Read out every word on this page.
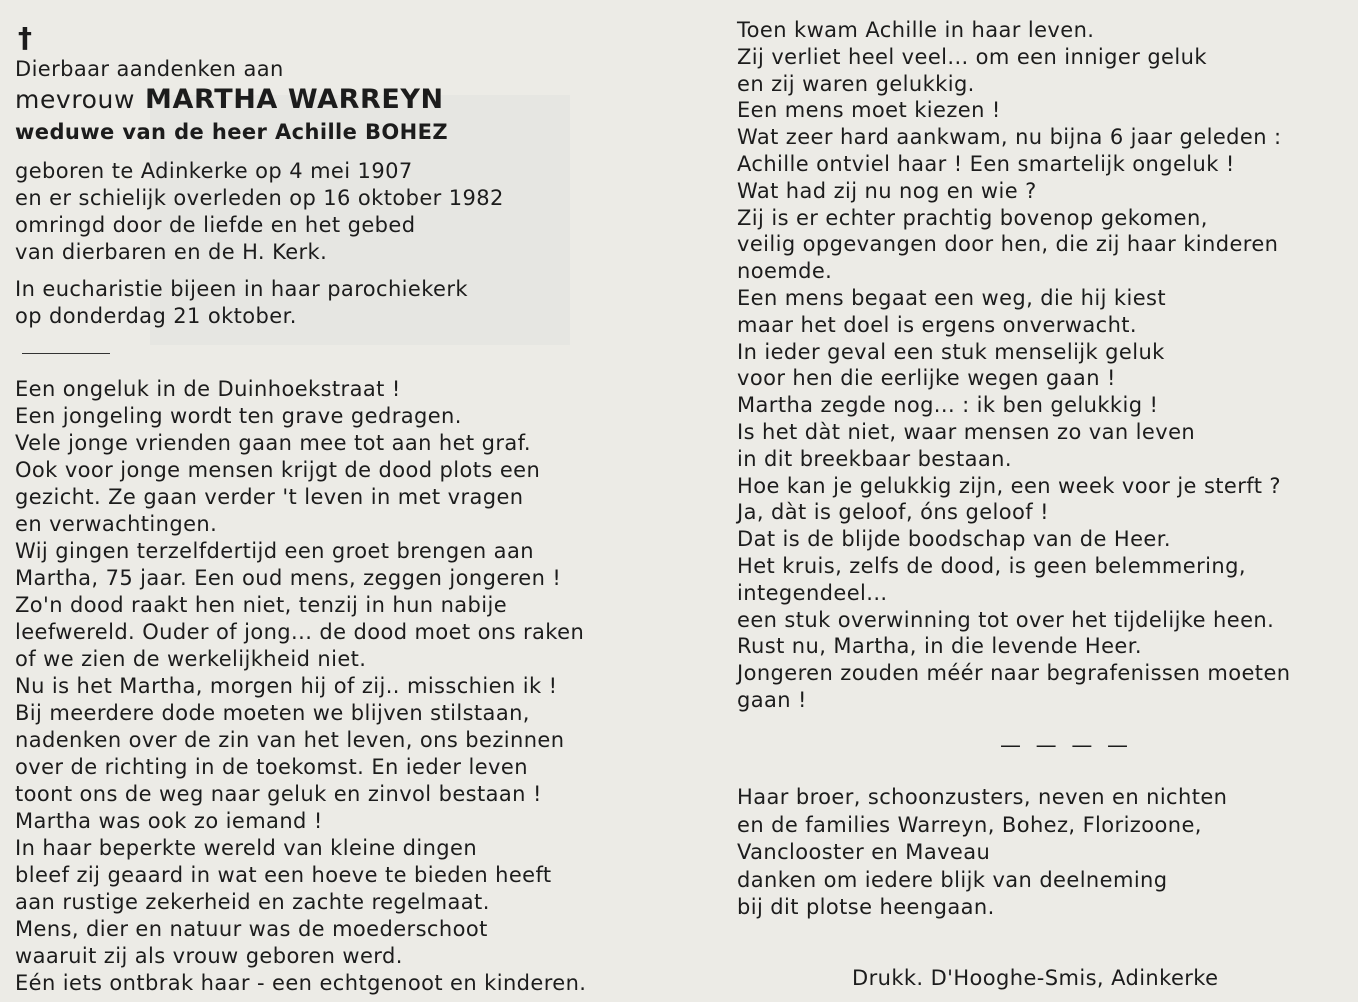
†
Dierbaar aandenken aan
mevrouw MARTHA WARREYN
weduwe van de heer Achille BOHEZ
geboren te Adinkerke op 4 mei 1907
en er schielijk overleden op 16 oktober 1982
omringd door de liefde en het gebed
van dierbaren en de H. Kerk.
In eucharistie bijeen in haar parochiekerk
op donderdag 21 oktober.
Een ongeluk in de Duinhoekstraat !
Een jongeling wordt ten grave gedragen.
Vele jonge vrienden gaan mee tot aan het graf.
Ook voor jonge mensen krijgt de dood plots een
gezicht. Ze gaan verder 't leven in met vragen
en verwachtingen.
Wij gingen terzelfdertijd een groet brengen aan
Martha, 75 jaar. Een oud mens, zeggen jongeren !
Zo'n dood raakt hen niet, tenzij in hun nabije
leefwereld. Ouder of jong... de dood moet ons raken
of we zien de werkelijkheid niet.
Nu is het Martha, morgen hij of zij.. misschien ik !
Bij meerdere dode moeten we blijven stilstaan,
nadenken over de zin van het leven, ons bezinnen
over de richting in de toekomst. En ieder leven
toont ons de weg naar geluk en zinvol bestaan !
Martha was ook zo iemand !
In haar beperkte wereld van kleine dingen
bleef zij geaard in wat een hoeve te bieden heeft
aan rustige zekerheid en zachte regelmaat.
Mens, dier en natuur was de moederschoot
waaruit zij als vrouw geboren werd.
Eén iets ontbrak haar - een echtgenoot en kinderen.
Toen kwam Achille in haar leven.
Zij verliet heel veel... om een inniger geluk
en zij waren gelukkig.
Een mens moet kiezen !
Wat zeer hard aankwam, nu bijna 6 jaar geleden :
Achille ontviel haar ! Een smartelijk ongeluk !
Wat had zij nu nog en wie ?
Zij is er echter prachtig bovenop gekomen,
veilig opgevangen door hen, die zij haar kinderen
noemde.
Een mens begaat een weg, die hij kiest
maar het doel is ergens onverwacht.
In ieder geval een stuk menselijk geluk
voor hen die eerlijke wegen gaan !
Martha zegde nog... : ik ben gelukkig !
Is het dàt niet, waar mensen zo van leven
in dit breekbaar bestaan.
Hoe kan je gelukkig zijn, een week voor je sterft ?
Ja, dàt is geloof, óns geloof !
Dat is de blijde boodschap van de Heer.
Het kruis, zelfs de dood, is geen belemmering,
integendeel...
een stuk overwinning tot over het tijdelijke heen.
Rust nu, Martha, in die levende Heer.
Jongeren zouden méér naar begrafenissen moeten
gaan !
— — — —
Haar broer, schoonzusters, neven en nichten
en de families Warreyn, Bohez, Florizoone,
Vanclooster en Maveau
danken om iedere blijk van deelneming
bij dit plotse heengaan.
Drukk. D'Hooghe-Smis, Adinkerke
